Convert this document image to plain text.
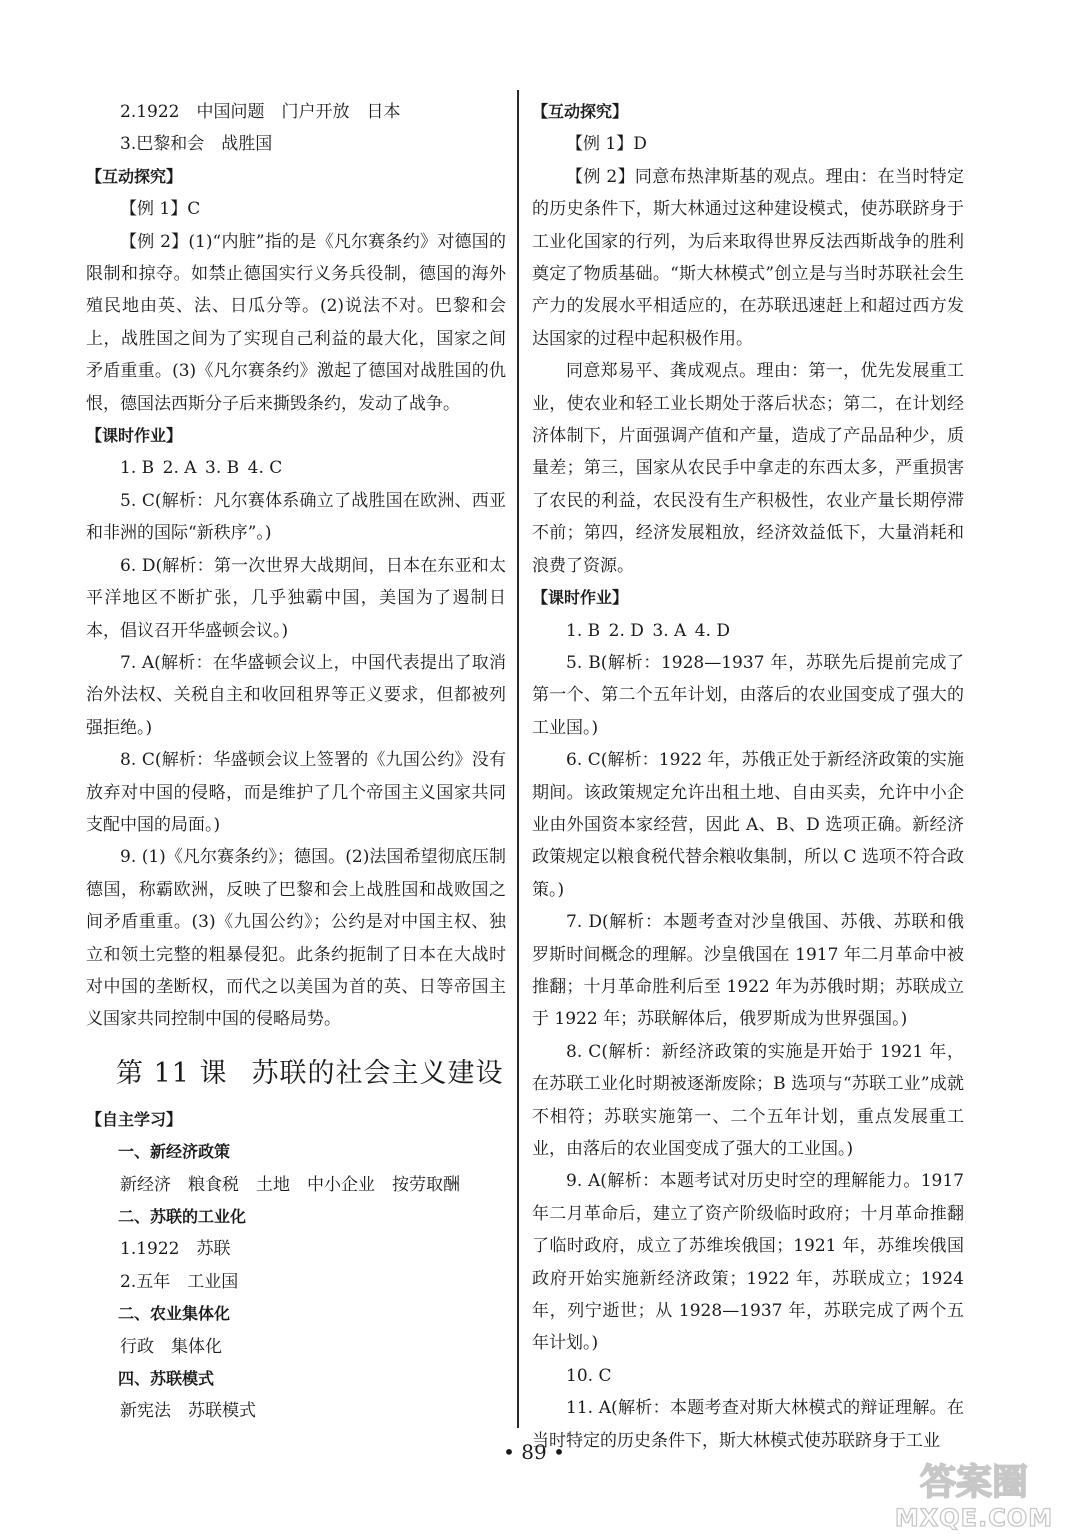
2.1922　中国问题　门户开放　日本

3.巴黎和会　战胜国

【互动探究】

【例 1】C

【例 2】(1)“内脏”指的是《凡尔赛条约》对德国的限制和掠夺。如禁止德国实行义务兵役制，德国的海外殖民地由英、法、日瓜分等。(2)说法不对。巴黎和会上，战胜国之间为了实现自己利益的最大化，国家之间矛盾重重。(3)《凡尔赛条约》激起了德国对战胜国的仇恨，德国法西斯分子后来撕毁条约，发动了战争。

【课时作业】

1. B 2. A 3. B 4. C

5. C(解析：凡尔赛体系确立了战胜国在欧洲、西亚和非洲的国际“新秩序”。)

6. D(解析：第一次世界大战期间，日本在东亚和太平洋地区不断扩张，几乎独霸中国，美国为了遏制日本，倡议召开华盛顿会议。)

7. A(解析：在华盛顿会议上，中国代表提出了取消治外法权、关税自主和收回租界等正义要求，但都被列强拒绝。)

8. C(解析：华盛顿会议上签署的《九国公约》没有放弃对中国的侵略，而是维护了几个帝国主义国家共同支配中国的局面。)

9. (1)《凡尔赛条约》；德国。(2)法国希望彻底压制德国，称霸欧洲，反映了巴黎和会上战胜国和战败国之间矛盾重重。(3)《九国公约》；公约是对中国主权、独立和领土完整的粗暴侵犯。此条约扼制了日本在大战时对中国的垄断权，而代之以美国为首的英、日等帝国主义国家共同控制中国的侵略局势。

第 11 课 苏联的社会主义建设

【自主学习】

一、新经济政策

新经济　粮食税　土地　中小企业　按劳取酬

二、苏联的工业化

1.1922　苏联

2.五年　工业国

二、农业集体化

行政　集体化

四、苏联模式

新宪法　苏联模式

【互动探究】

【例 1】D

【例 2】同意布热津斯基的观点。理由：在当时特定的历史条件下，斯大林通过这种建设模式，使苏联跻身于工业化国家的行列，为后来取得世界反法西斯战争的胜利奠定了物质基础。“斯大林模式”创立是与当时苏联社会生产力的发展水平相适应的，在苏联迅速赶上和超过西方发达国家的过程中起积极作用。

同意郑易平、龚成观点。理由：第一，优先发展重工业，使农业和轻工业长期处于落后状态；第二，在计划经济体制下，片面强调产值和产量，造成了产品品种少，质量差；第三，国家从农民手中拿走的东西太多，严重损害了农民的利益，农民没有生产积极性，农业产量长期停滞不前；第四，经济发展粗放，经济效益低下，大量消耗和浪费了资源。

【课时作业】

1. B 2. D 3. A 4. D

5. B(解析：1928—1937 年，苏联先后提前完成了第一个、第二个五年计划，由落后的农业国变成了强大的工业国。)

6. C(解析：1922 年，苏俄正处于新经济政策的实施期间。该政策规定允许出租土地、自由买卖，允许中小企业由外国资本家经营，因此 A、B、D 选项正确。新经济政策规定以粮食税代替余粮收集制，所以 C 选项不符合政策。)

7. D(解析：本题考查对沙皇俄国、苏俄、苏联和俄罗斯时间概念的理解。沙皇俄国在 1917 年二月革命中被推翻；十月革命胜利后至 1922 年为苏俄时期；苏联成立于 1922 年；苏联解体后，俄罗斯成为世界强国。)

8. C(解析：新经济政策的实施是开始于 1921 年，在苏联工业化时期被逐渐废除；B 选项与“苏联工业”成就不相符；苏联实施第一、二个五年计划，重点发展重工业，由落后的农业国变成了强大的工业国。)

9. A(解析：本题考试对历史时空的理解能力。1917 年二月革命后，建立了资产阶级临时政府；十月革命推翻了临时政府，成立了苏维埃俄国；1921 年，苏维埃俄国政府开始实施新经济政策；1922 年，苏联成立；1924 年，列宁逝世；从 1928—1937 年，苏联完成了两个五年计划。)

10. C

11. A(解析：本题考查对斯大林模式的辩证理解。在当时特定的历史条件下，斯大林模式使苏联跻身于工业

• 89 •
答案圈
MXQE.COM
